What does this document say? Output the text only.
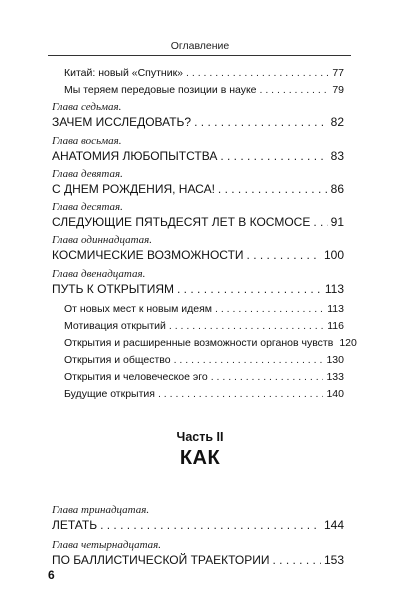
Оглавление
Китай: новый «Спутник» . . .	77
Мы теряем передовые позиции в науке . . .	79
Глава седьмая.
ЗАЧЕМ ИССЛЕДОВАТЬ? . . .	82
Глава восьмая.
АНАТОМИЯ ЛЮБОПЫТСТВА . . .	83
Глава девятая.
С ДНЕМ РОЖДЕНИЯ, НАСА! . . .	86
Глава десятая.
СЛЕДУЮЩИЕ ПЯТЬДЕСЯТ ЛЕТ В КОСМОСЕ . . . 91
Глава одиннадцатая.
КОСМИЧЕСКИЕ ВОЗМОЖНОСТИ . . .	100
Глава двенадцатая.
ПУТЬ К ОТКРЫТИЯМ . . .	113
От новых мест к новым идеям . . .	113
Мотивация открытий . . .	116
Открытия и расширенные возможности органов чувств 120
Открытия и общество . . .	130
Открытия и человеческое эго . . .	133
Будущие открытия . . .	140
Часть II
КАК
Глава тринадцатая.
ЛЕТАТЬ . . .	144
Глава четырнадцатая.
ПО БАЛЛИСТИЧЕСКОЙ ТРАЕКТОРИИ . . .	153
6
